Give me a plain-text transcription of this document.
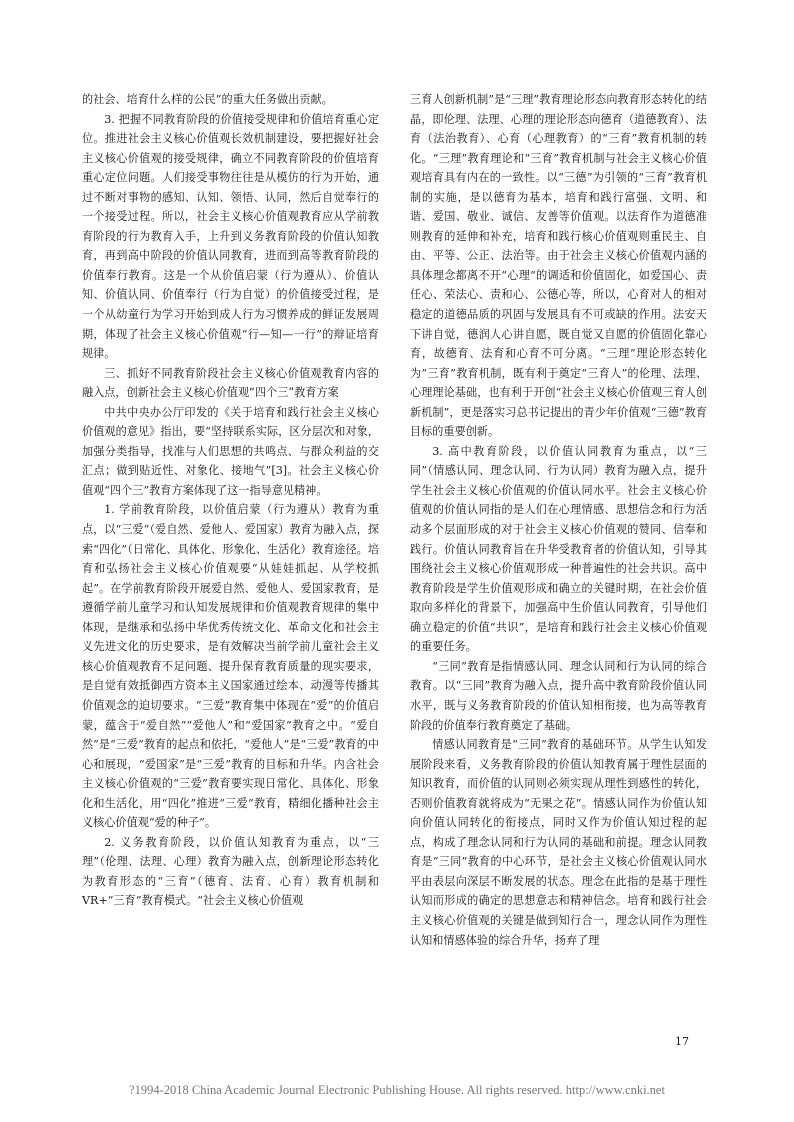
的社会、培育什么样的公民”的重大任务做出贡献。

3. 把握不同教育阶段的价值接受规律和价值培育重心定位。推进社会主义核心价值观长效机制建设，要把握好社会主义核心价值观的接受规律，确立不同教育阶段的价值培育重心定位问题。人们接受事物往往是从模仿的行为开始，通过不断对事物的感知、认知、领悟、认同，然后自觉奉行的一个接受过程。所以，社会主义核心价值观教育应从学前教育阶段的行为教育入手，上升到义务教育阶段的价值认知教育，再到高中阶段的价值认同教育，进而到高等教育阶段的价值奉行教育。这是一个从价值启蒙（行为遵从）、价值认知、价值认同、价值奉行（行为自觉）的价值接受过程，是一个从幼童行为学习开始到成人行为习惯养成的鲜证发展周期，体现了社会主义核心价值观“行—知—一行”的辩证培育规律。

三、抓好不同教育阶段社会主义核心价值观教育内容的融入点，创新社会主义核心价值观“四个三”教育方案

中共中央办公厅印发的《关于培育和践行社会主义核心价值观的意见》指出，要“坚持联系实际，区分层次和对象，加强分类指导，找准与人们思想的共鸣点、与群众利益的交汇点；做到贴近性、对象化、接地气”[3]。社会主义核心价值观“四个三”教育方案体现了这一指导意见精神。

1. 学前教育阶段，以价值启蒙（行为遵从）教育为重点，以“三爱”（爱自然、爱他人、爱国家）教育为融入点，探索“四化”（日常化、具体化、形象化、生活化）教育途径。培育和弘扬社会主义核心价值观要“从娃娃抓起、从学校抓起”。在学前教育阶段开展爱自然、爱他人、爱国家教育，是遵循学前儿童学习和认知发展规律和价值观教育规律的集中体现，是继承和弘扬中华优秀传统文化、革命文化和社会主义先进文化的历史要求，是有效解决当前学前儿童社会主义核心价值观教育不足问题、提升保育教育质量的现实要求，是自觉有效抵御西方资本主义国家通过绘本、动漫等传播其价值观念的迫切要求。“三爱”教育集中体现在“爱”的价值启蒙，蕴含于“爱自然”“爱他人”和“爱国家”教育之中。“爱自然”是“三爱”教育的起点和依托，“爱他人”是“三爱”教育的中心和展现，“爱国家”是“三爱”教育的目标和升华。内含社会主义核心价值观的“三爱”教育要实现日常化、具体化、形象化和生活化，用“四化”推进“三爱”教育，精细化播种社会主义核心价值观“爱的种子”。

2. 义务教育阶段，以价值认知教育为重点，以“三理”（伦理、法理、心理）教育为融入点，创新理论形态转化为教育形态的“三育”（德育、法育、心育）教育机制和VR+“三育”教育模式。“社会主义核心价值观

三育人创新机制”是“三理”教育理论形态向教育形态转化的结晶，即伦理、法理、心理的理论形态向德育（道德教育）、法育（法治教育）、心育（心理教育）的“三育”教育机制的转化。“三理”教育理论和“三育”教育机制与社会主义核心价值观培育具有内在的一致性。以“三德”为引领的“三育”教育机制的实施，是以德育为基本，培育和践行富强、文明、和谐、爱国、敬业、诚信、友善等价值观。以法育作为道德准则教育的延伸和补充，培育和践行核心价值观则重民主、自由、平等、公正、法治等。由于社会主义核心价值观内涵的具体理念都离不开“心理”的调适和价值固化，如爱国心、责任心、荣法心、责和心、公德心等，所以，心育对人的相对稳定的道德品质的巩固与发展具有不可或缺的作用。法安天下讲自觉，德润人心讲自愿，既自觉又自愿的价值固化靠心育，故德育、法育和心育不可分离。“三理”理论形态转化为“三育”教育机制，既有利于奠定“三育人”的伦理、法理、心理理论基础，也有利于开创“社会主义核心价值观三育人创新机制”，更是落实习总书记提出的青少年价值观“三德”教育目标的重要创新。

3. 高中教育阶段，以价值认同教育为重点，以“三同”（情感认同、理念认同、行为认同）教育为融入点，提升学生社会主义核心价值观的价值认同水平。社会主义核心价值观的价值认同指的是人们在心理情感、思想信念和行为活动多个层面形成的对于社会主义核心价值观的赞同、信奉和践行。价值认同教育旨在升华受教育者的价值认知，引导其围绕社会主义核心价值观形成一种普遍性的社会共识。高中教育阶段是学生价值观形成和确立的关键时期，在社会价值取向多样化的背景下，加强高中生价值认同教育，引导他们确立稳定的价值“共识”，是培育和践行社会主义核心价值观的重要任务。

“三同”教育是指情感认同、理念认同和行为认同的综合教育。以“三同”教育为融入点，提升高中教育阶段价值认同水平，既与义务教育阶段的价值认知相衔接，也为高等教育阶段的价值奉行教育奠定了基础。

情感认同教育是“三同”教育的基础环节。从学生认知发展阶段来看，义务教育阶段的价值认知教育属于理性层面的知识教育，而价值的认同则必须实现从理性到感性的转化，否则价值教育就将成为“无果之花”。情感认同作为价值认知向价值认同转化的衔接点，同时又作为价值认知过程的起点，构成了理念认同和行为认同的基础和前提。理念认同教育是“三同”教育的中心环节，是社会主义核心价值观认同水平由表层向深层不断发展的状态。理念在此指的是基于理性认知而形成的确定的思想意志和精神信念。培育和践行社会主义核心价值观的关键是做到知行合一，理念认同作为理性认知和情感体验的综合升华，扬弃了理

17
?1994-2018 China Academic Journal Electronic Publishing House. All rights reserved. http://www.cnki.net
